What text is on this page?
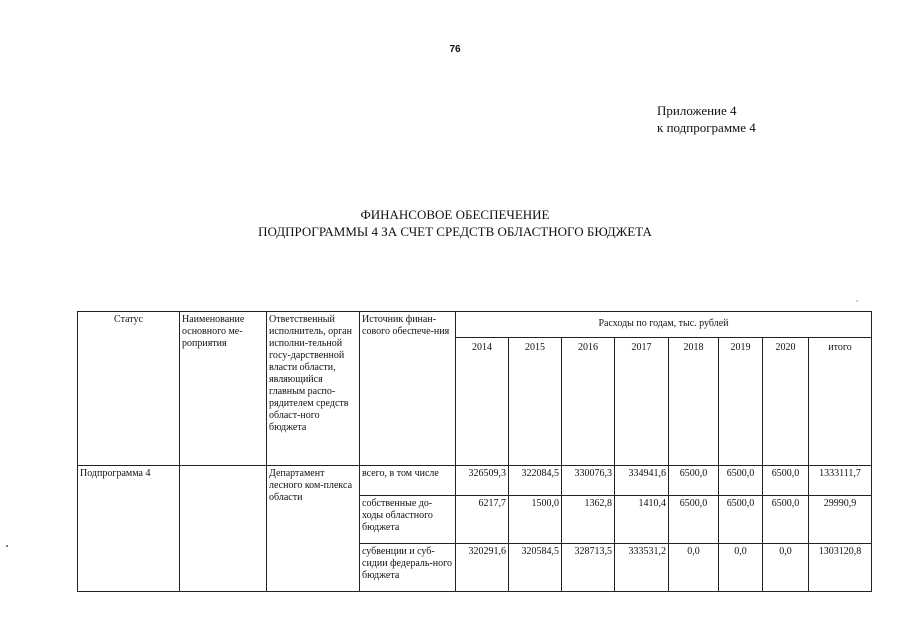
76
Приложение 4
к подпрограмме 4
ФИНАНСОВОЕ ОБЕСПЕЧЕНИЕ
ПОДПРОГРАММЫ 4 ЗА СЧЕТ СРЕДСТВ ОБЛАСТНОГО БЮДЖЕТА
Статус	Наименование основного ме-роприятия	Ответственный исполнитель, орган исполни-тельной госу-дарственной власти области, являющийся главным распо-рядителем средств област-ного бюджета	Источник финан-сового обеспече-ния	Расходы по годам, тыс. рублей							
				2014	2015	2016	2017	2018	2019	2020	итого
Подпрограмма 4		Департамент лесного ком-плекса области	всего, в том числе	326509,3	322084,5	330076,3	334941,6	6500,0	6500,0	6500,0	1333111,7
			собственные до-ходы областного бюджета	6217,7	1500,0	1362,8	1410,4	6500,0	6500,0	6500,0	29990,9
			субвенции и суб-сидии федераль-ного бюджета	320291,6	320584,5	328713,5	333531,2	0,0	0,0	0,0	1303120,8
